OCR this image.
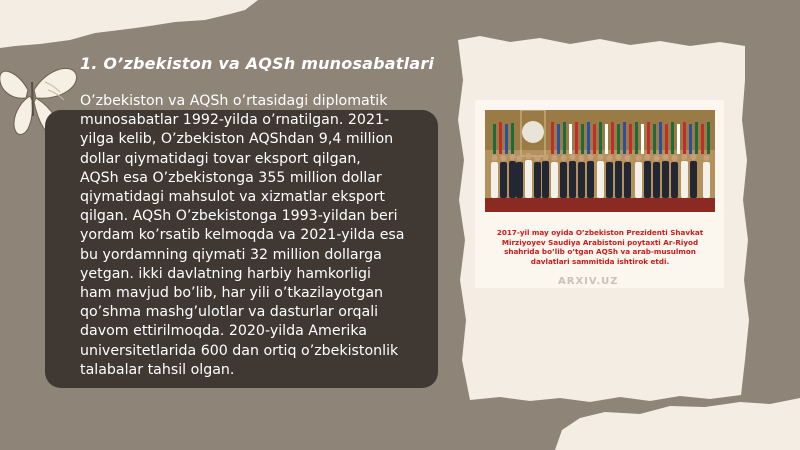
1. O’zbekiston va AQSh munosabatlari
O’zbekiston va AQSh o’rtasidagi diplomatik
munosabatlar 1992-yilda o’rnatilgan. 2021-
yilga kelib, O’zbekiston AQShdan 9,4 million
dollar qiymatidagi tovar eksport qilgan,
AQSh esa O’zbekistonga 355 million dollar
qiymatidagi mahsulot va xizmatlar eksport
qilgan. AQSh O’zbekistonga 1993-yildan beri
yordam ko’rsatib kelmoqda va 2021-yilda esa
bu yordamning qiymati 32 million dollarga
yetgan. ikki davlatning harbiy hamkorligi
ham mavjud bo’lib, har yili o’tkazilayotgan
qo’shma mashg’ulotlar va dasturlar orqali
davom ettirilmoqda. 2020-yilda Amerika
universitetlarida 600 dan ortiq o’zbekistonlik
talabalar tahsil olgan.
2017-yil may oyida O’zbekiston Prezidenti Shavkat
Mirziyoyev Saudiya Arabistoni poytaxti Ar-Riyod
shahrida bo’lib o’tgan AQSh va arab-musulmon
davlatlari sammitida ishtirok etdi.
ARXIV.UZ
